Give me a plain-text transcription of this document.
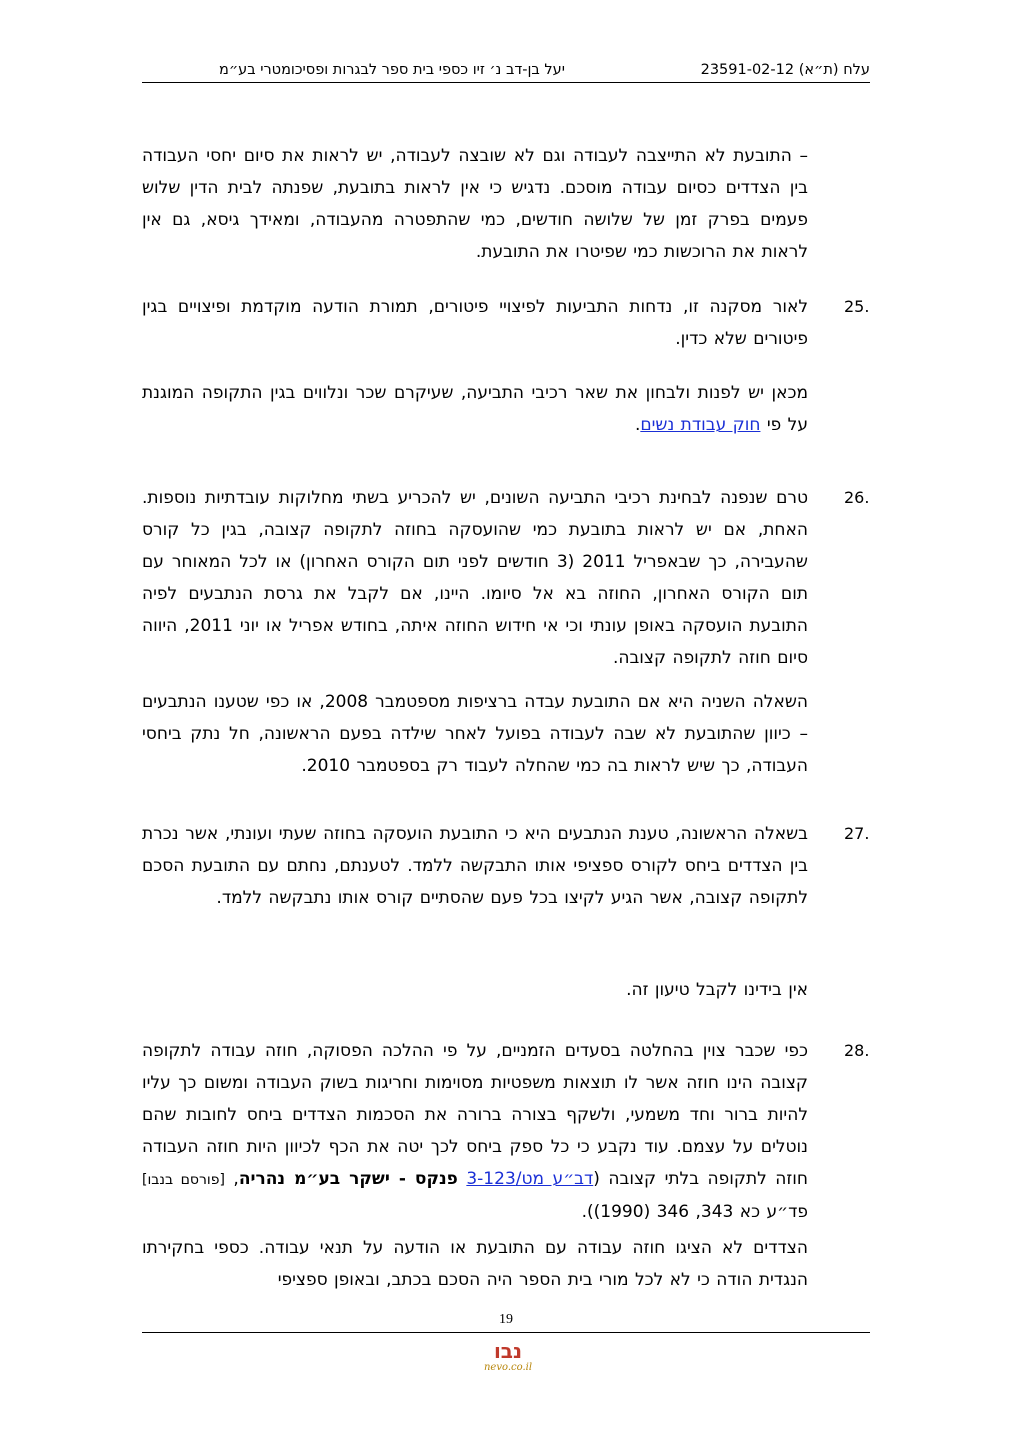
עלח (ת״א) 23591-02-12
יעל בן-דב נ׳ זיו כספי בית ספר לבגרות ופסיכומטרי בע״מ
– התובעת לא התייצבה לעבודה וגם לא שובצה לעבודה, יש לראות את סיום יחסי העבודה בין הצדדים כסיום עבודה מוסכם. נדגיש כי אין לראות בתובעת, שפנתה לבית הדין שלוש פעמים בפרק זמן של שלושה חודשים, כמי שהתפטרה מהעבודה, ומאידך גיסא, גם אין לראות את הרוכשות כמי שפיטרו את התובעת.
25.
לאור מסקנה זו, נדחות התביעות לפיצויי פיטורים, תמורת הודעה מוקדמת ופיצויים בגין פיטורים שלא כדין.
מכאן יש לפנות ולבחון את שאר רכיבי התביעה, שעיקרם שכר ונלווים בגין התקופה המוגנת על פי חוק עבודת נשים.
26.
טרם שנפנה לבחינת רכיבי התביעה השונים, יש להכריע בשתי מחלוקות עובדתיות נוספות. האחת, אם יש לראות בתובעת כמי שהועסקה בחוזה לתקופה קצובה, בגין כל קורס שהעבירה, כך שבאפריל 2011 (3 חודשים לפני תום הקורס האחרון) או לכל המאוחר עם תום הקורס האחרון, החוזה בא אל סיומו. היינו, אם לקבל את גרסת הנתבעים לפיה התובעת הועסקה באופן עונתי וכי אי חידוש החוזה איתה, בחודש אפריל או יוני 2011, היווה סיום חוזה לתקופה קצובה.
השאלה השניה היא אם התובעת עבדה ברציפות מספטמבר 2008, או כפי שטענו הנתבעים – כיוון שהתובעת לא שבה לעבודה בפועל לאחר שילדה בפעם הראשונה, חל נתק ביחסי העבודה, כך שיש לראות בה כמי שהחלה לעבוד רק בספטמבר 2010.
27.
בשאלה הראשונה, טענת הנתבעים היא כי התובעת הועסקה בחוזה שעתי ועונתי, אשר נכרת בין הצדדים ביחס לקורס ספציפי אותו התבקשה ללמד. לטענתם, נחתם עם התובעת הסכם לתקופה קצובה, אשר הגיע לקיצו בכל פעם שהסתיים קורס אותו נתבקשה ללמד.
אין בידינו לקבל טיעון זה.
28.
כפי שכבר צוין בהחלטה בסעדים הזמניים, על פי ההלכה הפסוקה, חוזה עבודה לתקופה קצובה הינו חוזה אשר לו תוצאות משפטיות מסוימות וחריגות בשוק העבודה ומשום כך עליו להיות ברור וחד משמעי, ולשקף בצורה ברורה את הסכמות הצדדים ביחס לחובות שהם נוטלים על עצמם. עוד נקבע כי כל ספק ביחס לכך יטה את הכף לכיוון היות חוזה העבודה חוזה לתקופה בלתי קצובה (דב״ע מט/3-123 פנקס - ישקר בע״מ נהריה, [פורסם בנבו] פד״ע כא 343, 346 (1990)).
הצדדים לא הציגו חוזה עבודה עם התובעת או הודעה על תנאי עבודה. כספי בחקירתו הנגדית הודה כי לא לכל מורי בית הספר היה הסכם בכתב, ובאופן ספציפי
19
נבו
nevo.co.il
